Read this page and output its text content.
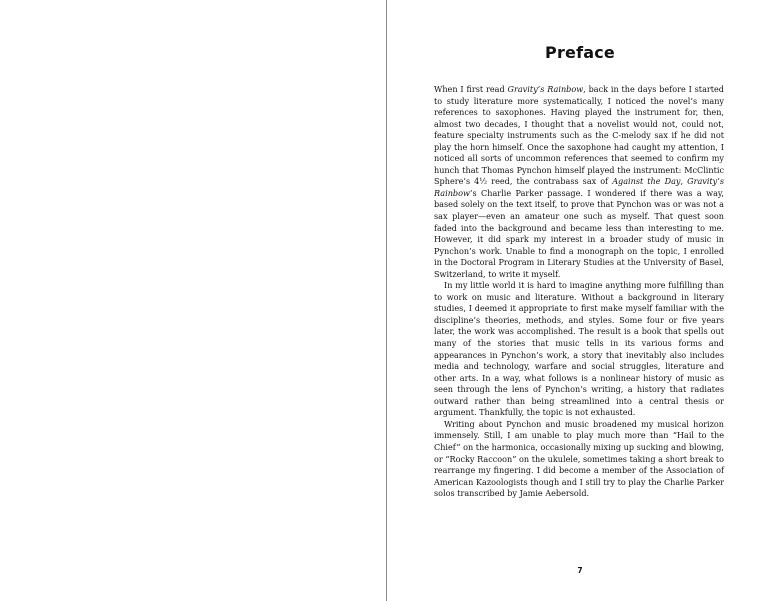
Preface

When I first read Gravity’s Rainbow, back in the days before I started to study literature more systematically, I noticed the novel’s many references to saxophones. Having played the instrument for, then, almost two decades, I thought that a novelist would not, could not, feature specialty instruments such as the C-melody sax if he did not play the horn himself. Once the saxophone had caught my attention, I noticed all sorts of uncommon references that seemed to confirm my hunch that Thomas Pynchon himself played the instrument: McClintic Sphere’s 4½ reed, the contrabass sax of Against the Day, Gravity’s Rainbow’s Charlie Parker passage. I wondered if there was a way, based solely on the text itself, to prove that Pynchon was or was not a sax player—even an amateur one such as myself. That quest soon faded into the background and became less than interesting to me. However, it did spark my interest in a broader study of music in Pynchon’s work. Unable to find a monograph on the topic, I enrolled in the Doctoral Program in Literary Studies at the University of Basel, Switzerland, to write it myself.

In my little world it is hard to imagine anything more fulfilling than to work on music and literature. Without a background in literary studies, I deemed it appropriate to first make myself familiar with the discipline’s theories, methods, and styles. Some four or five years later, the work was accomplished. The result is a book that spells out many of the stories that music tells in its various forms and appearances in Pynchon’s work, a story that inevitably also includes media and technology, warfare and social struggles, literature and other arts. In a way, what follows is a nonlinear history of music as seen through the lens of Pynchon’s writing, a history that radiates outward rather than being streamlined into a central thesis or argument. Thankfully, the topic is not exhausted.

Writing about Pynchon and music broadened my musical horizon immensely. Still, I am unable to play much more than “Hail to the Chief” on the harmonica, occasionally mixing up sucking and blowing, or “Rocky Raccoon” on the ukulele, sometimes taking a short break to rearrange my fingering. I did become a member of the Association of American Kazoologists though and I still try to play the Charlie Parker solos transcribed by Jamie Aebersold.

7
